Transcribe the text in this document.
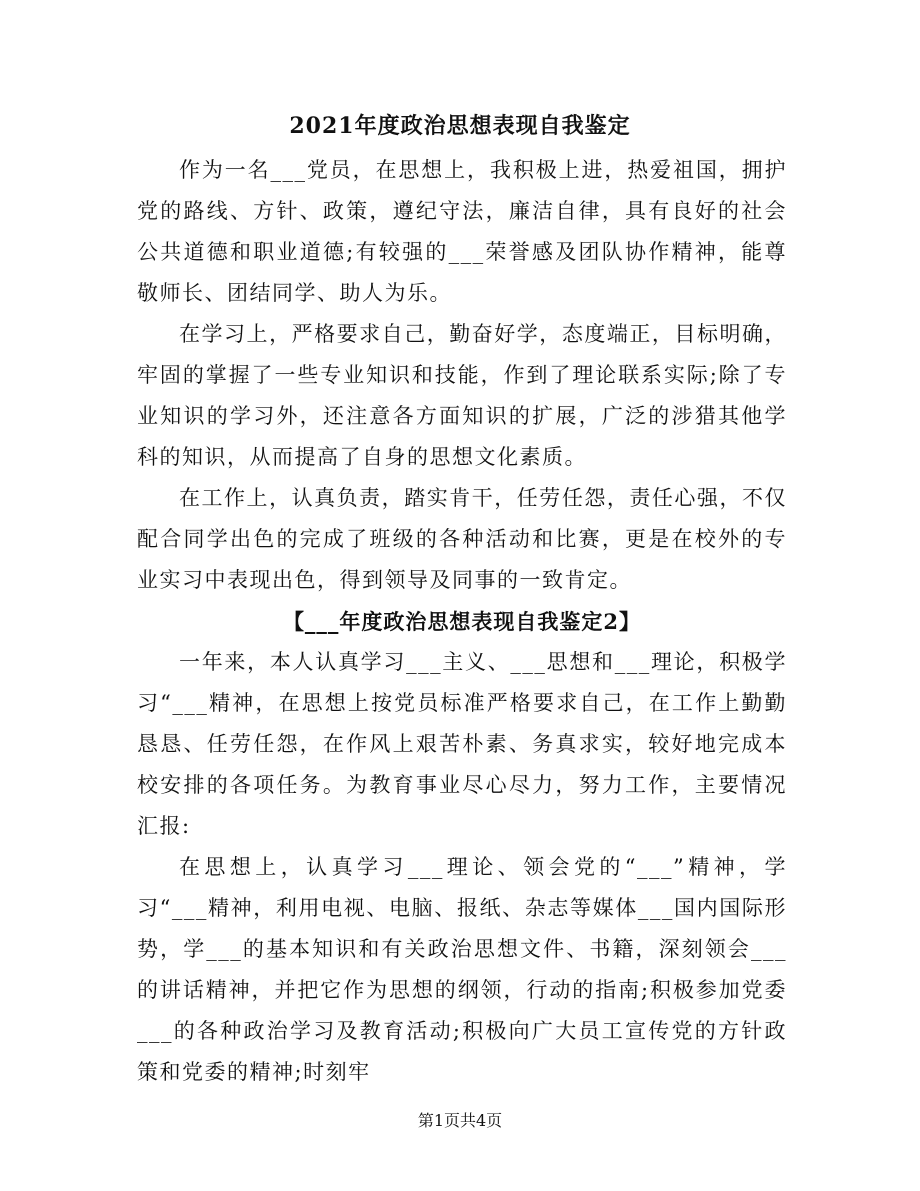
2021年度政治思想表现自我鉴定

作为一名___党员，在思想上，我积极上进，热爱祖国，拥护党的路线、方针、政策，遵纪守法，廉洁自律，具有良好的社会公共道德和职业道德;有较强的___荣誉感及团队协作精神，能尊敬师长、团结同学、助人为乐。

在学习上，严格要求自己，勤奋好学，态度端正，目标明确，牢固的掌握了一些专业知识和技能，作到了理论联系实际;除了专业知识的学习外，还注意各方面知识的扩展，广泛的涉猎其他学科的知识，从而提高了自身的思想文化素质。

在工作上，认真负责，踏实肯干，任劳任怨，责任心强，不仅配合同学出色的完成了班级的各种活动和比赛，更是在校外的专业实习中表现出色，得到领导及同事的一致肯定。

【___年度政治思想表现自我鉴定2】

一年来，本人认真学习___主义、___思想和___理论，积极学习“___精神，在思想上按党员标准严格要求自己，在工作上勤勤恳恳、任劳任怨，在作风上艰苦朴素、务真求实，较好地完成本校安排的各项任务。为教育事业尽心尽力，努力工作，主要情况汇报:

在思想上，认真学习___理论、领会党的“___”精神，学习“___精神，利用电视、电脑、报纸、杂志等媒体___国内国际形势，学___的基本知识和有关政治思想文件、书籍，深刻领会___的讲话精神，并把它作为思想的纲领，行动的指南;积极参加党委___的各种政治学习及教育活动;积极向广大员工宣传党的方针政策和党委的精神;时刻牢

第1页共4页
